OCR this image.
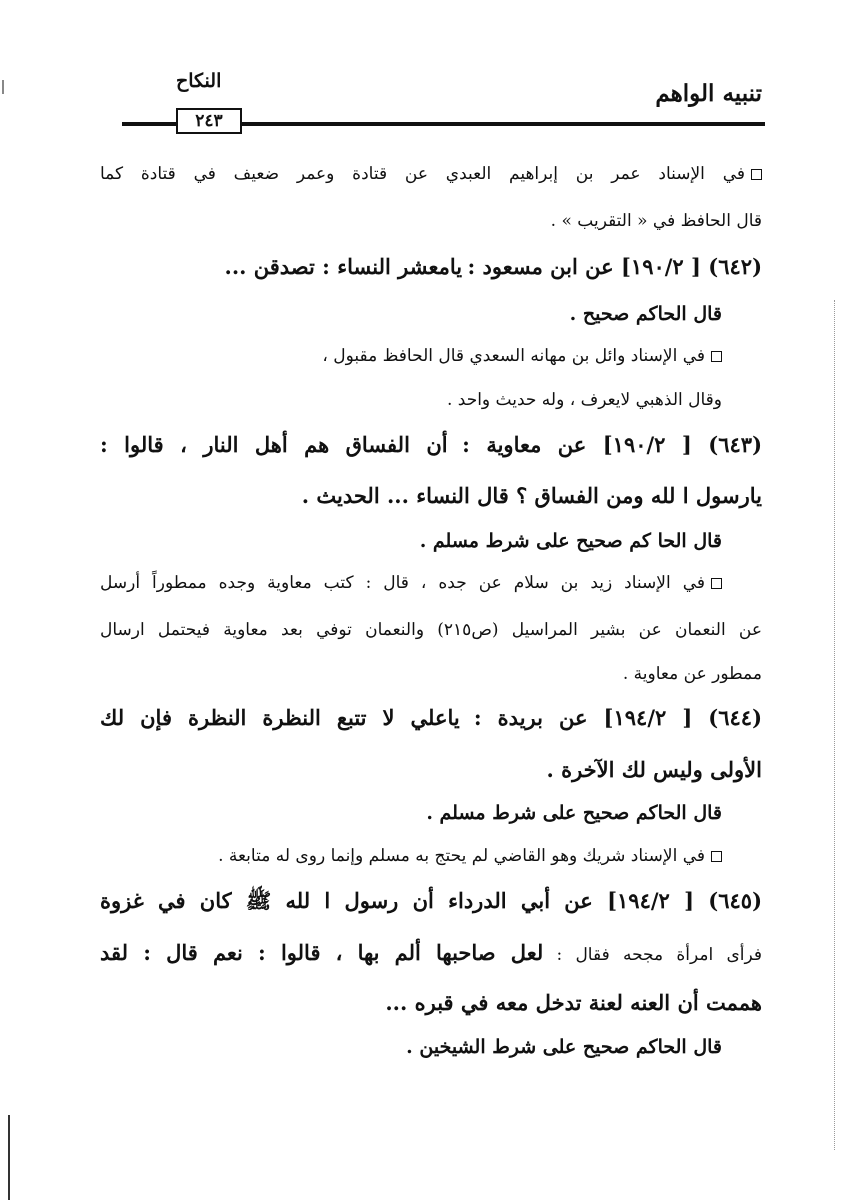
تنبيه الواهم
النكاح
٢٤٣
في الإسناد عمر بن إبراهيم العبدي عن قتادة وعمر ضعيف في قتادة كما
قال الحافظ في « التقريب » .
(٦٤٢) [ ١٩٠/٢] عن ابن مسعود : يامعشر النساء : تصدقن ...
قال الحاكم صحيح .
في الإسناد وائل بن مهانه السعدي قال الحافظ مقبول ،
وقال الذهبي لايعرف ، وله حديث واحد .
(٦٤٣) [ ١٩٠/٢] عن معاوية : أن الفساق هم أهل النار ، قالوا :
يارسول ا لله ومن الفساق ؟ قال النساء ... الحديث .
قال الحا كم صحيح على شرط مسلم .
في الإسناد زيد بن سلام عن جده ، قال : كتب معاوية وجده ممطوراً أرسل
عن النعمان عن بشير المراسيل (ص٢١٥) والنعمان توفي بعد معاوية فيحتمل ارسال
ممطور عن معاوية .
(٦٤٤) [ ١٩٤/٢] عن بريدة : ياعلي لا تتبع النظرة النظرة فإن لك
الأولى وليس لك الآخرة .
قال الحاكم صحيح على شرط مسلم .
في الإسناد شريك وهو القاضي لم يحتج به مسلم وإنما روى له متابعة .
(٦٤٥) [ ١٩٤/٢] عن أبي الدرداء أن رسول ا لله ﷺ كان في غزوة
فرأى امرأة مجحه فقال : لعل صاحبها ألم بها ، قالوا : نعم قال : لقد
هممت أن العنه لعنة تدخل معه في قبره ...
قال الحاكم صحيح على شرط الشيخين .
